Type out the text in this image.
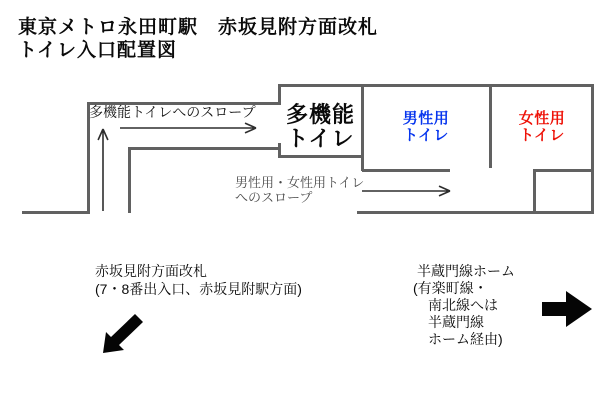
東京メトロ永田町駅　赤坂見附方面改札
トイレ入口配置図
多機能トイレへのスロープ 多機能
トイレ
男性用
トイレ
女性用
トイレ
男性用・女性用トイレ
へのスロープ
赤坂見附方面改札
(7・8番出入口、赤坂見附駅方面)
半蔵門線ホーム
(有楽町線・
南北線へは
半蔵門線
ホーム経由)
